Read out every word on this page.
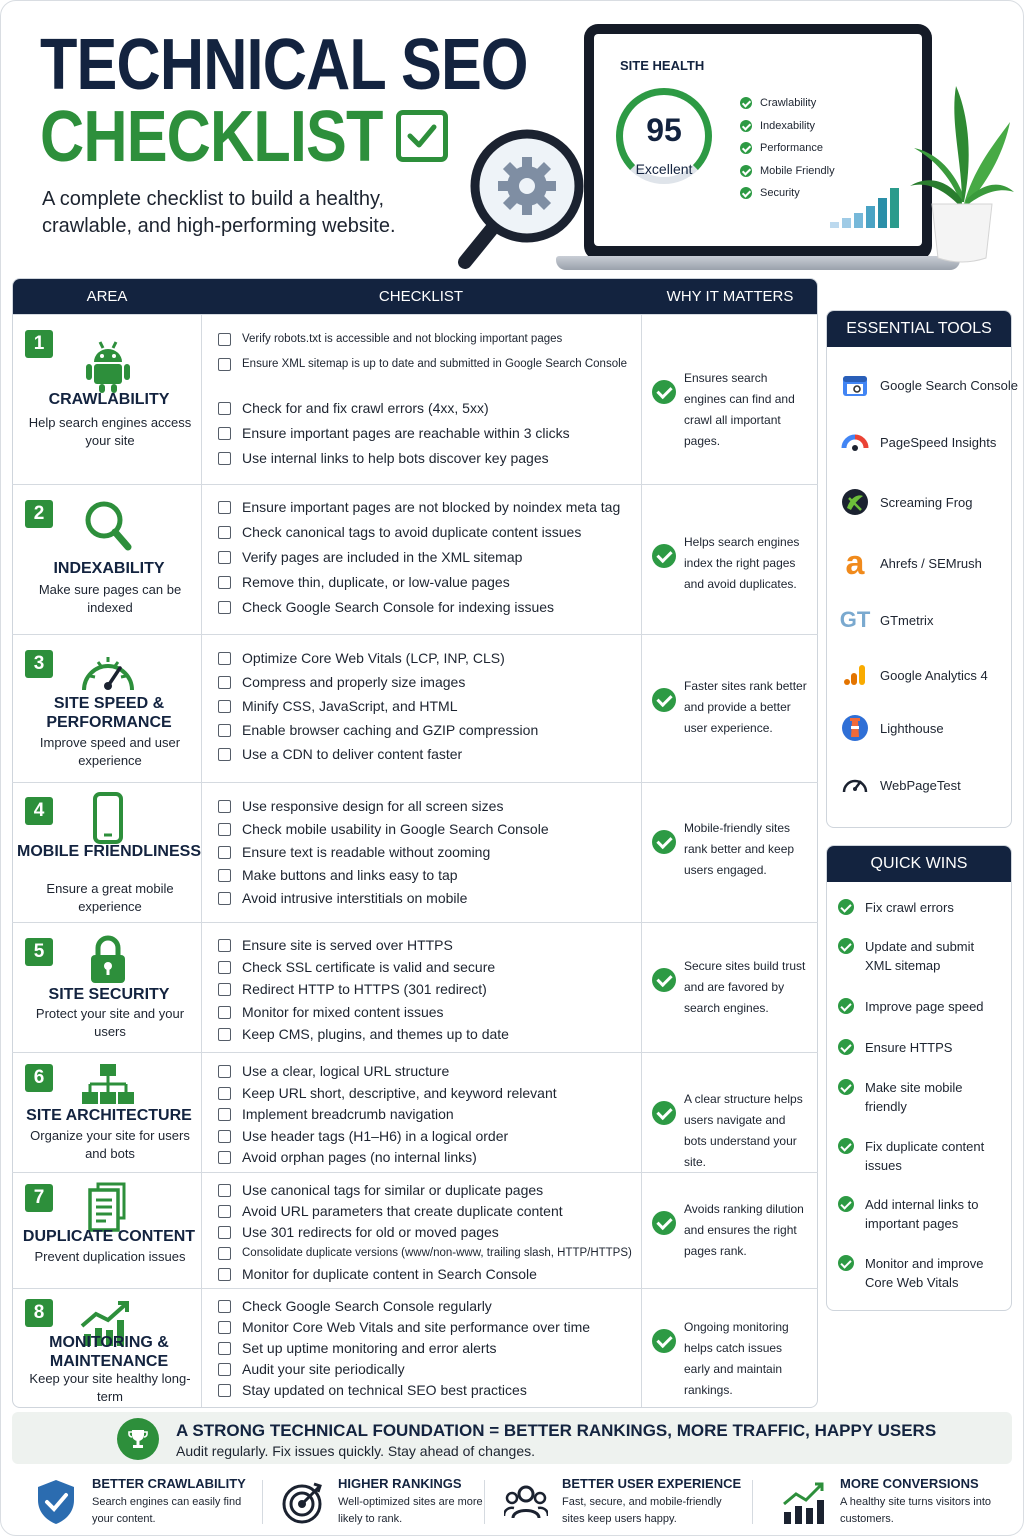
TECHNICAL SEO
CHECKLIST
A complete checklist to build a healthy, crawlable, and high-performing website.
SITE HEALTH
95
Excellent
Crawlability
Indexability
Performance
Mobile Friendly
Security
AREA	CHECKLIST	WHY IT MATTERS
1
CRAWLABILITY
Help search engines access your site
Verify robots.txt is accessible and not blocking important pages
Ensure XML sitemap is up to date and submitted in Google Search Console
Check for and fix crawl errors (4xx, 5xx)
Ensure important pages are reachable within 3 clicks
Use internal links to help bots discover key pages
Ensures search engines can find and crawl all important pages.
2
INDEXABILITY
Make sure pages can be indexed
Ensure important pages are not blocked by noindex meta tag
Check canonical tags to avoid duplicate content issues
Verify pages are included in the XML sitemap
Remove thin, duplicate, or low-value pages
Check Google Search Console for indexing issues
Helps search engines index the right pages and avoid duplicates.
3
SITE SPEED & PERFORMANCE
Improve speed and user experience
Optimize Core Web Vitals (LCP, INP, CLS)
Compress and properly size images
Minify CSS, JavaScript, and HTML
Enable browser caching and GZIP compression
Use a CDN to deliver content faster
Faster sites rank better and provide a better user experience.
4
MOBILE FRIENDLINESS
Ensure a great mobile experience
Use responsive design for all screen sizes
Check mobile usability in Google Search Console
Ensure text is readable without zooming
Make buttons and links easy to tap
Avoid intrusive interstitials on mobile
Mobile-friendly sites rank better and keep users engaged.
5
SITE SECURITY
Protect your site and your users
Ensure site is served over HTTPS
Check SSL certificate is valid and secure
Redirect HTTP to HTTPS (301 redirect)
Monitor for mixed content issues
Keep CMS, plugins, and themes up to date
Secure sites build trust and are favored by search engines.
6
SITE ARCHITECTURE
Organize your site for users and bots
Use a clear, logical URL structure
Keep URL short, descriptive, and keyword relevant
Implement breadcrumb navigation
Use header tags (H1–H6) in a logical order
Avoid orphan pages (no internal links)
A clear structure helps users navigate and bots understand your site.
7
DUPLICATE CONTENT
Prevent duplication issues
Use canonical tags for similar or duplicate pages
Avoid URL parameters that create duplicate content
Use 301 redirects for old or moved pages
Consolidate duplicate versions (www/non-www, trailing slash, HTTP/HTTPS)
Monitor for duplicate content in Search Console
Avoids ranking dilution and ensures the right pages rank.
8
MONITORING & MAINTENANCE
Keep your site healthy long-term
Check Google Search Console regularly
Monitor Core Web Vitals and site performance over time
Set up uptime monitoring and error alerts
Audit your site periodically
Stay updated on technical SEO best practices
Ongoing monitoring helps catch issues early and maintain rankings.
ESSENTIAL TOOLS
Google Search Console
PageSpeed Insights
Screaming Frog
a Ahrefs / SEMrush
GT GTmetrix
Google Analytics 4
Lighthouse
WebPageTest
QUICK WINS
Fix crawl errors
Update and submit XML sitemap
Improve page speed
Ensure HTTPS
Make site mobile friendly
Fix duplicate content issues
Add internal links to important pages
Monitor and improve Core Web Vitals
A STRONG TECHNICAL FOUNDATION = BETTER RANKINGS, MORE TRAFFIC, HAPPY USERS
Audit regularly. Fix issues quickly. Stay ahead of changes.
BETTER CRAWLABILITY
Search engines can easily find your content.
HIGHER RANKINGS
Well-optimized sites are more likely to rank.
BETTER USER EXPERIENCE
Fast, secure, and mobile-friendly sites keep users happy.
MORE CONVERSIONS
A healthy site turns visitors into customers.
